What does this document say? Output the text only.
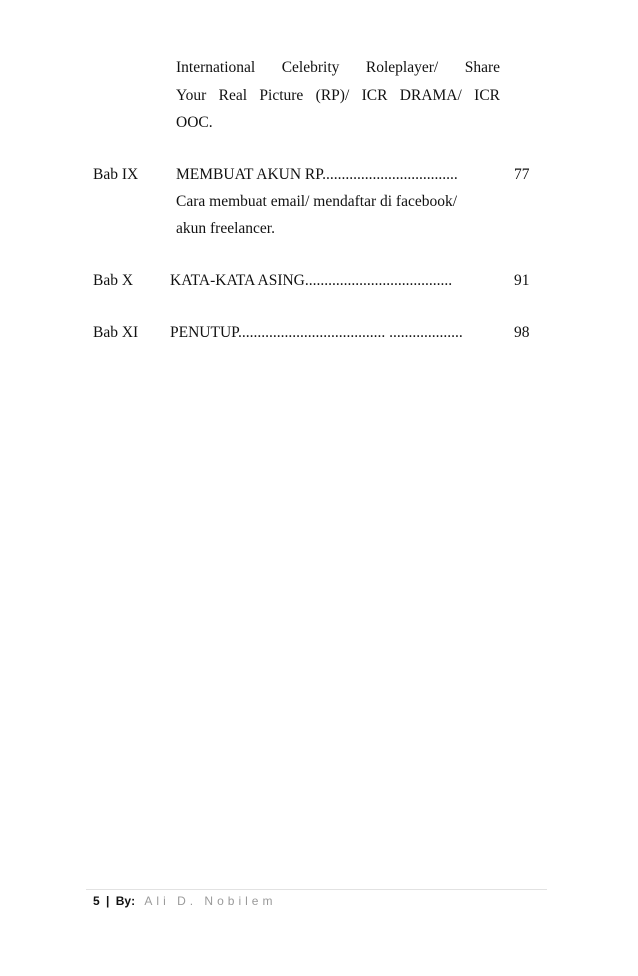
International Celebrity Roleplayer/ Share
Your Real Picture (RP)/ ICR DRAMA/ ICR
OOC.
Bab IX MEMBUAT AKUN RP...................................	77
Cara membuat email/ mendaftar di facebook/
akun freelancer.
Bab X KATA-KATA ASING......................................	91
Bab XI PENUTUP...................................... ...................	98
5 | By: Ali D. Nobilem
